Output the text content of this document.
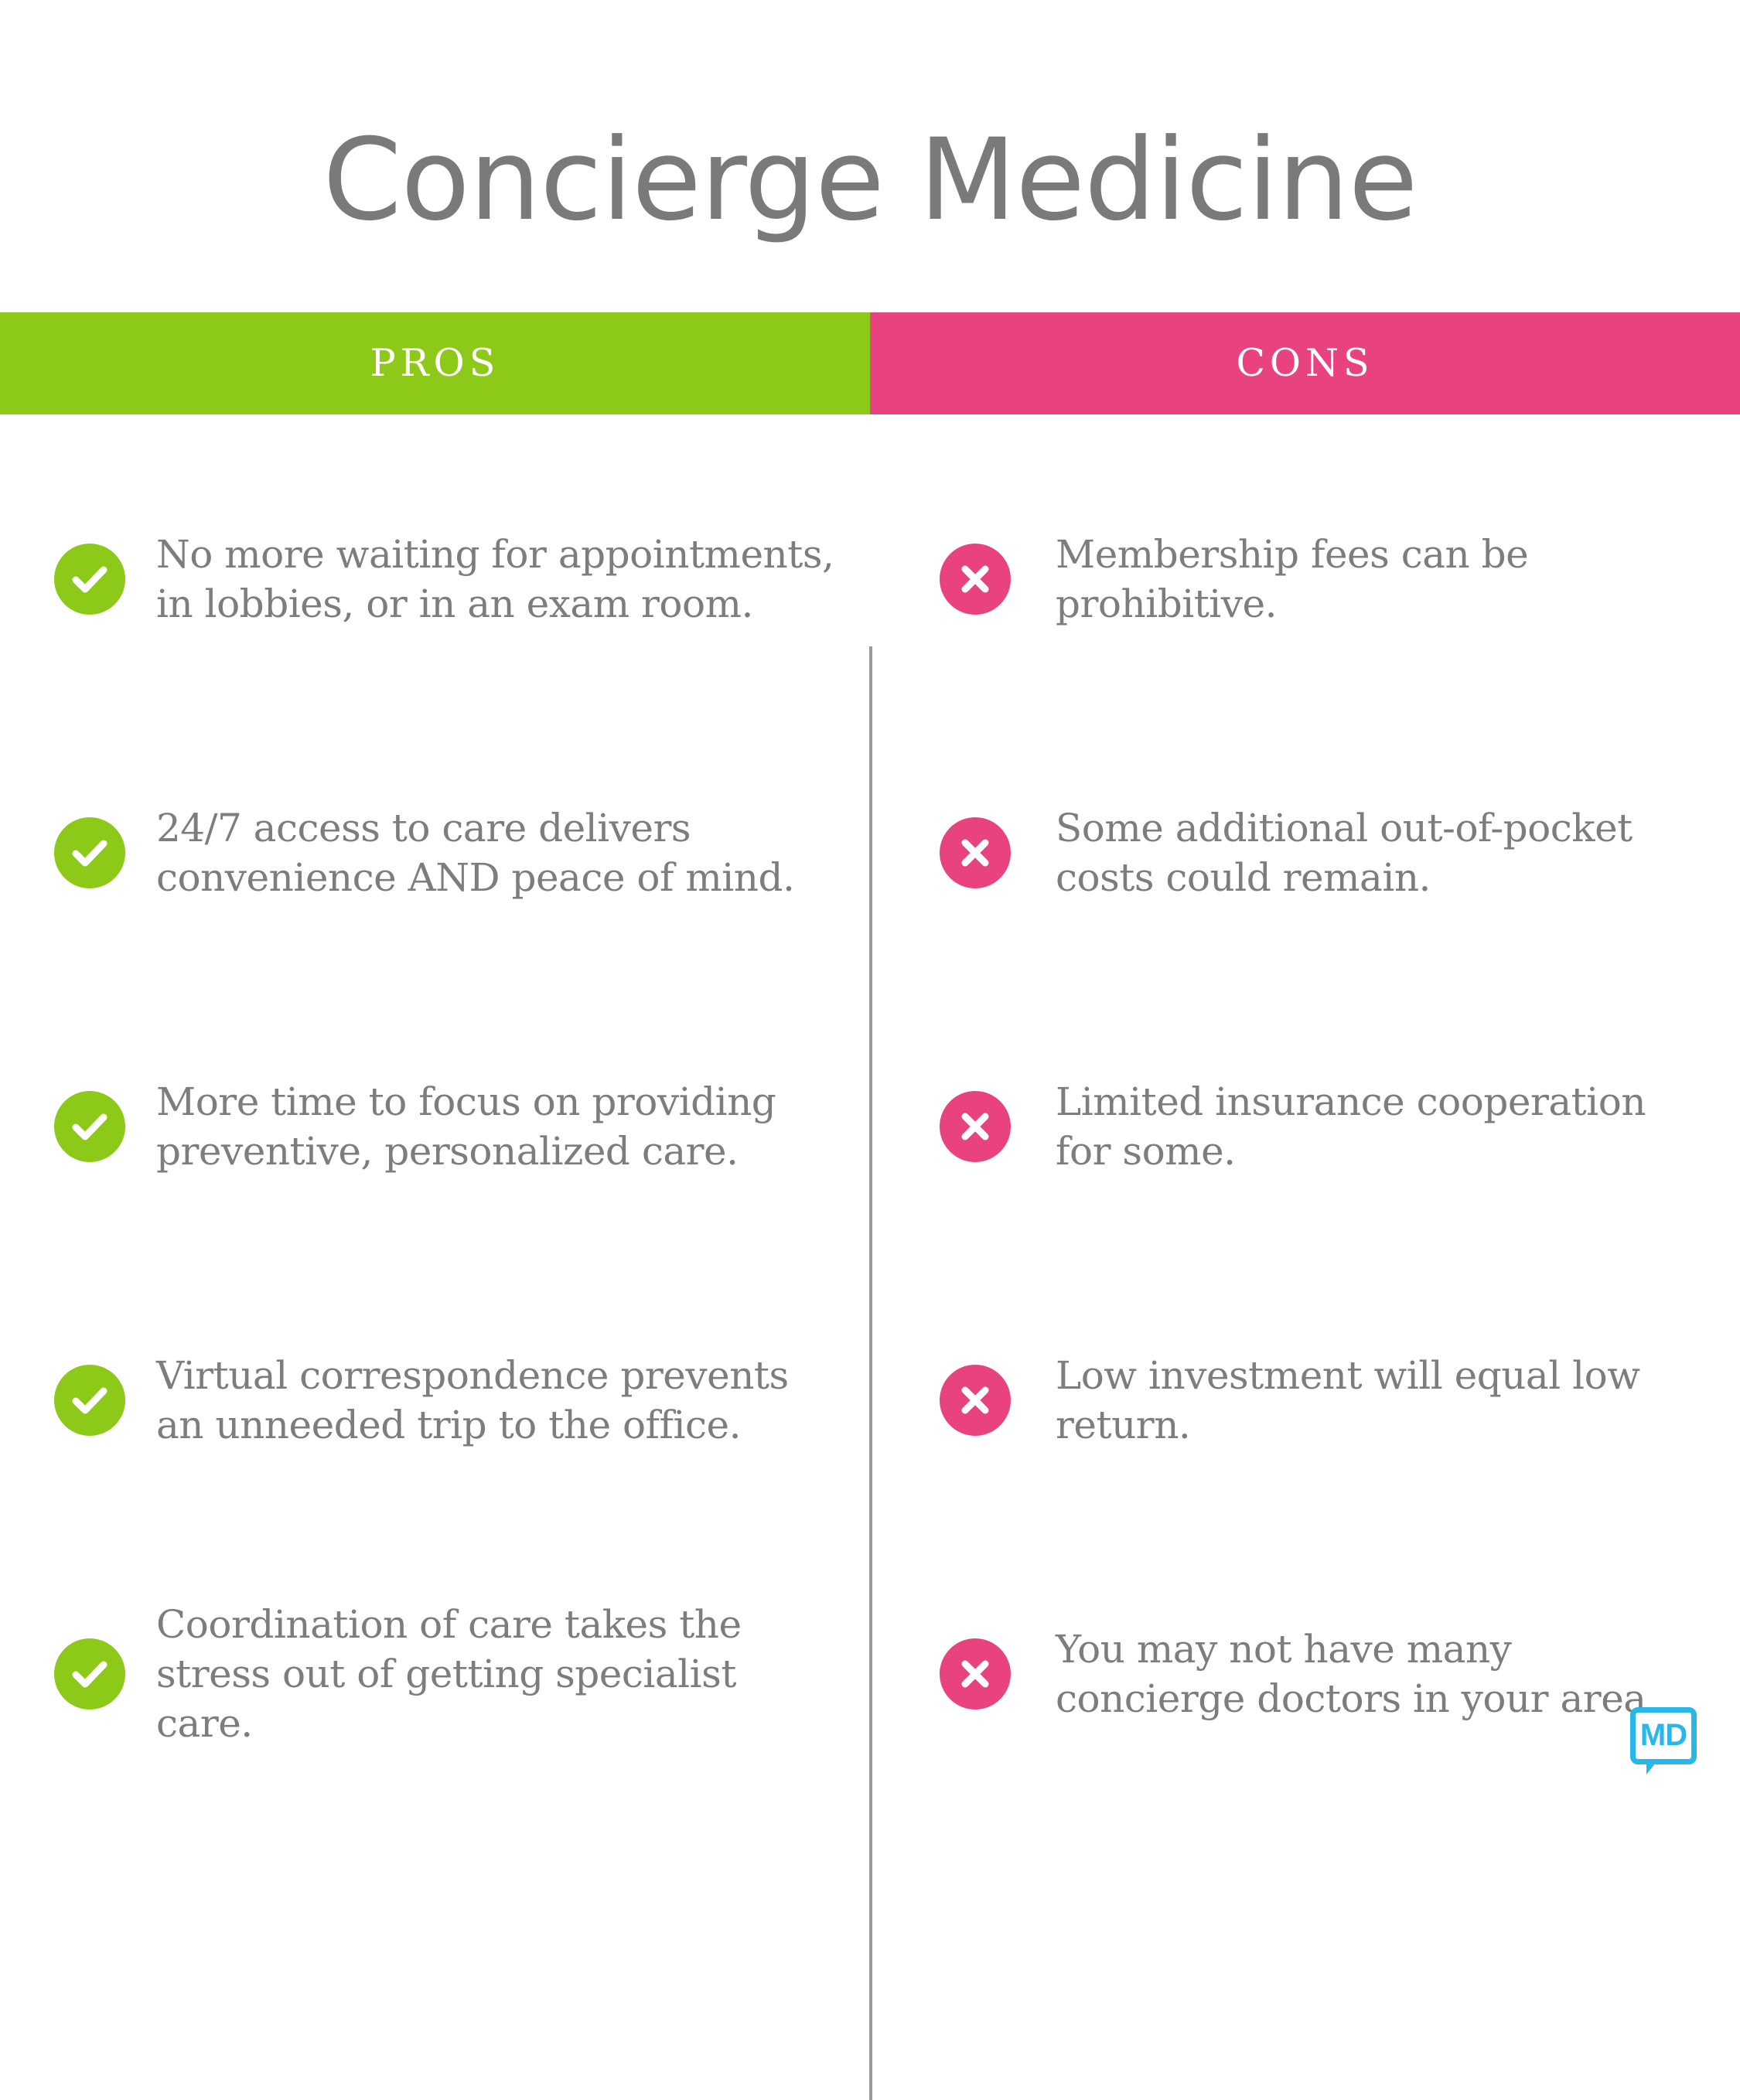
Concierge Medicine
PROS	CONS
No more waiting for appointments, in lobbies, or in an exam room.
24/7 access to care delivers convenience AND peace of mind.
More time to focus on providing preventive, personalized care.
Virtual correspondence prevents an unneeded trip to the office.
Coordination of care takes the stress out of getting specialist care.
Membership fees can be prohibitive.
Some additional out-of-pocket costs could remain.
Limited insurance cooperation for some.
Low investment will equal low return.
You may not have many concierge doctors in your area.
MD
